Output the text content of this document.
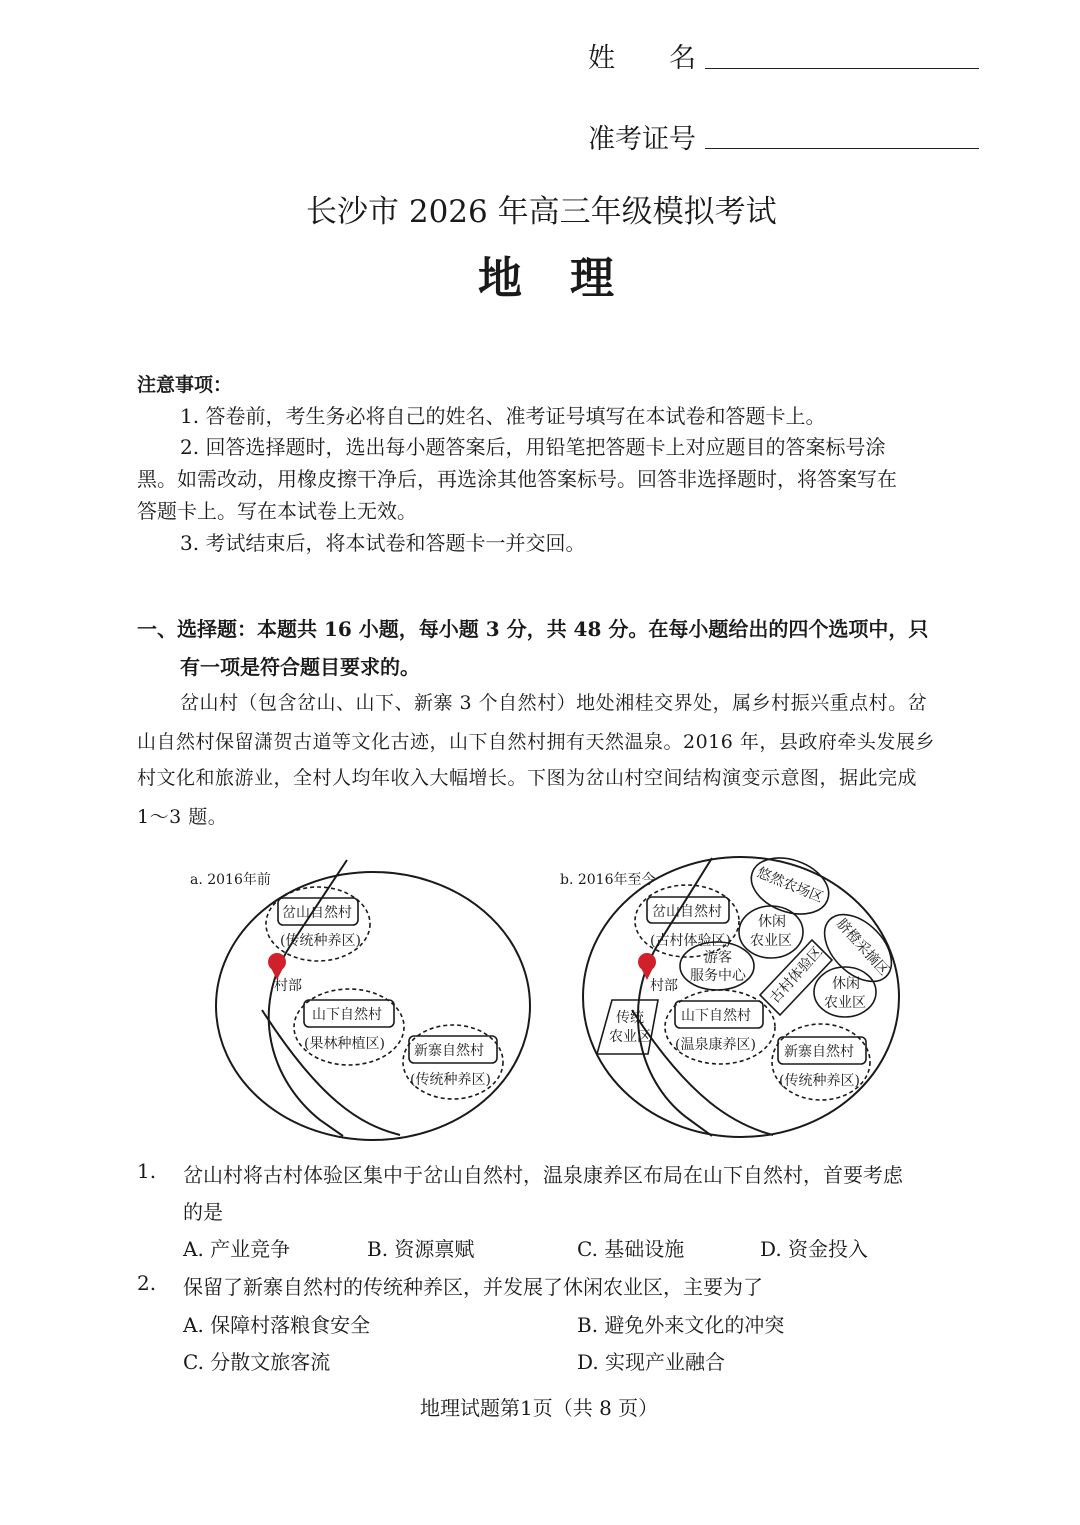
姓　　名
准考证号
长沙市 2026 年高三年级模拟考试
地　理
注意事项：
1. 答卷前，考生务必将自己的姓名、准考证号填写在本试卷和答题卡上。
2. 回答选择题时，选出每小题答案后，用铅笔把答题卡上对应题目的答案标号涂
黑。如需改动，用橡皮擦干净后，再选涂其他答案标号。回答非选择题时，将答案写在
答题卡上。写在本试卷上无效。
3. 考试结束后，将本试卷和答题卡一并交回。
一、选择题：本题共 16 小题，每小题 3 分，共 48 分。在每小题给出的四个选项中，只
有一项是符合题目要求的。
岔山村（包含岔山、山下、新寨 3 个自然村）地处湘桂交界处，属乡村振兴重点村。岔
山自然村保留潇贺古道等文化古迹，山下自然村拥有天然温泉。2016 年，县政府牵头发展乡
村文化和旅游业，全村人均年收入大幅增长。下图为岔山村空间结构演变示意图，据此完成
1～3 题。
a. 2016年前
岔山自然村
(传统种养区)
村部
山下自然村
(果林种植区) 新寨自然村
(传统种养区)
b. 2016年至今
岔山自然村
(古村体验区)
游客
服务中心
村部
传统
农业区
山下自然村
(温泉康养区) 新寨自然村
(传统种养区)
悠然农场区
休闲
农业区	脐橙采摘区
古村体验区 休闲
农业区
1. 岔山村将古村体验区集中于岔山自然村，温泉康养区布局在山下自然村，首要考虑
的是
A. 产业竞争	B. 资源禀赋	C. 基础设施	D. 资金投入
2. 保留了新寨自然村的传统种养区，并发展了休闲农业区，主要为了
A. 保障村落粮食安全	B. 避免外来文化的冲突
C. 分散文旅客流	D. 实现产业融合
地理试题第1页（共 8 页）
